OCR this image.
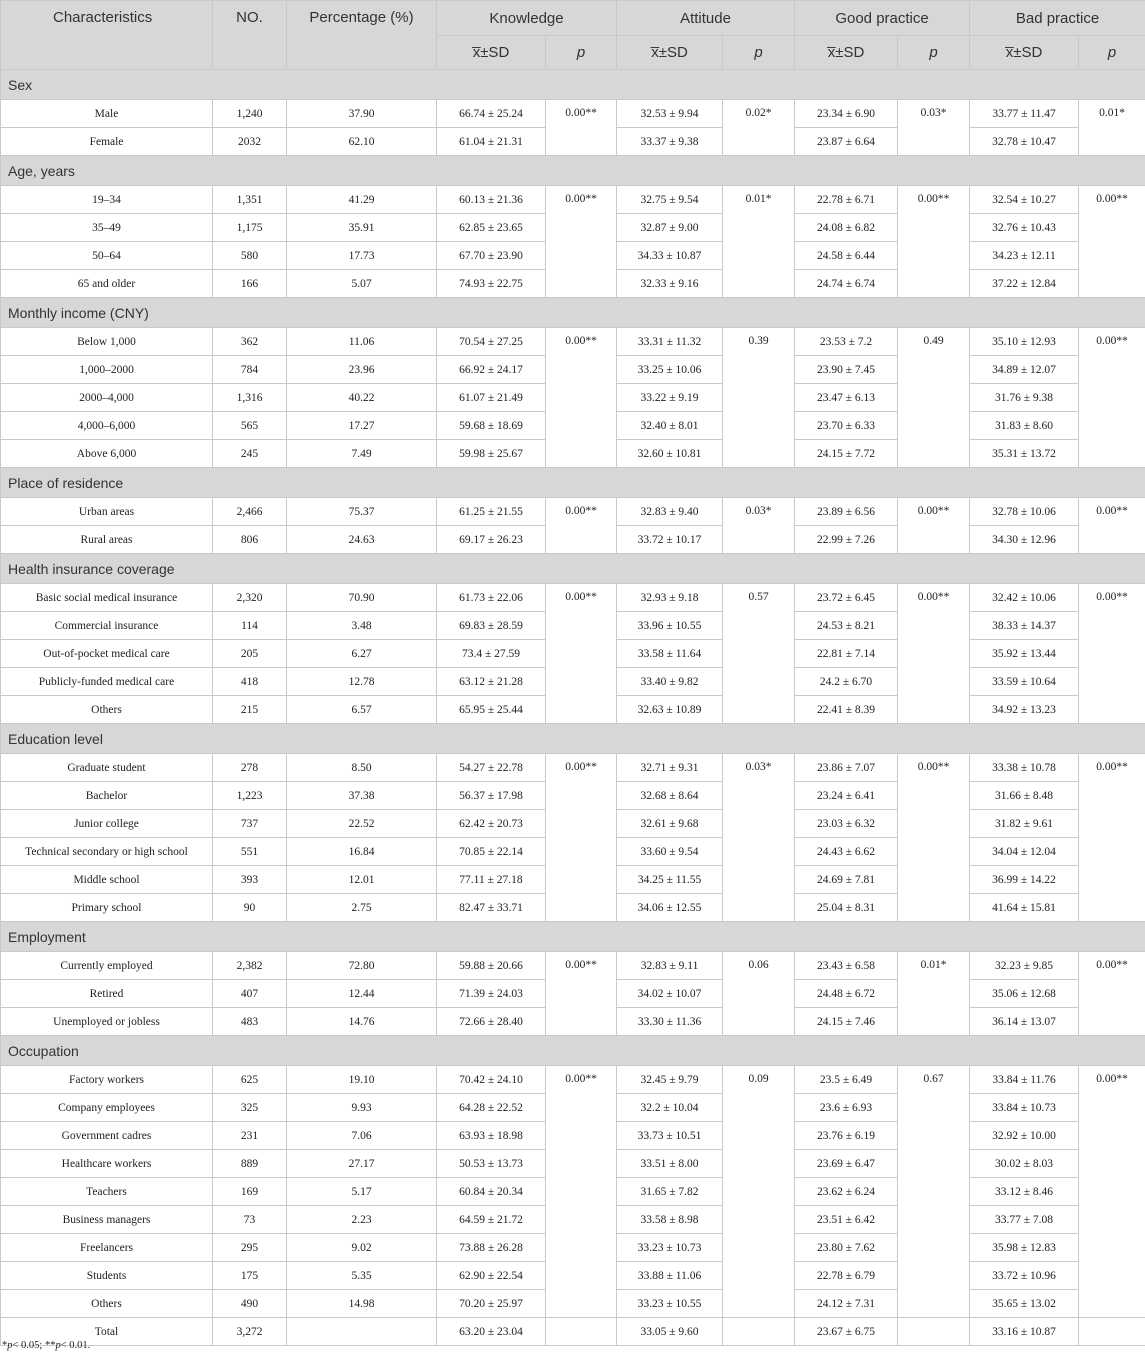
Characteristics	NO.	Percentage (%)	Knowledge		Attitude		Good practice		Bad practice	
			x̅±SD	p	x̅±SD	p	x̅±SD	p	x̅±SD	p
Sex										
Male	1,240	37.90	66.74 ± 25.24	0.00**	32.53 ± 9.94	0.02*	23.34 ± 6.90	0.03*	33.77 ± 11.47	0.01*
Female	2032	62.10	61.04 ± 21.31		33.37 ± 9.38		23.87 ± 6.64		32.78 ± 10.47	
Age, years										
19–34	1,351	41.29	60.13 ± 21.36	0.00**	32.75 ± 9.54	0.01*	22.78 ± 6.71	0.00**	32.54 ± 10.27	0.00**
35–49	1,175	35.91	62.85 ± 23.65		32.87 ± 9.00		24.08 ± 6.82		32.76 ± 10.43	
50–64	580	17.73	67.70 ± 23.90		34.33 ± 10.87		24.58 ± 6.44		34.23 ± 12.11	
65 and older	166	5.07	74.93 ± 22.75		32.33 ± 9.16		24.74 ± 6.74		37.22 ± 12.84	
Monthly income (CNY)										
Below 1,000	362	11.06	70.54 ± 27.25	0.00**	33.31 ± 11.32	0.39	23.53 ± 7.2	0.49	35.10 ± 12.93	0.00**
1,000–2000	784	23.96	66.92 ± 24.17		33.25 ± 10.06		23.90 ± 7.45		34.89 ± 12.07	
2000–4,000	1,316	40.22	61.07 ± 21.49		33.22 ± 9.19		23.47 ± 6.13		31.76 ± 9.38	
4,000–6,000	565	17.27	59.68 ± 18.69		32.40 ± 8.01		23.70 ± 6.33		31.83 ± 8.60	
Above 6,000	245	7.49	59.98 ± 25.67		32.60 ± 10.81		24.15 ± 7.72		35.31 ± 13.72	
Place of residence										
Urban areas	2,466	75.37	61.25 ± 21.55	0.00**	32.83 ± 9.40	0.03*	23.89 ± 6.56	0.00**	32.78 ± 10.06	0.00**
Rural areas	806	24.63	69.17 ± 26.23		33.72 ± 10.17		22.99 ± 7.26		34.30 ± 12.96	
Health insurance coverage										
Basic social medical insurance	2,320	70.90	61.73 ± 22.06	0.00**	32.93 ± 9.18	0.57	23.72 ± 6.45	0.00**	32.42 ± 10.06	0.00**
Commercial insurance	114	3.48	69.83 ± 28.59		33.96 ± 10.55		24.53 ± 8.21		38.33 ± 14.37	
Out-of-pocket medical care	205	6.27	73.4 ± 27.59		33.58 ± 11.64		22.81 ± 7.14		35.92 ± 13.44	
Publicly-funded medical care	418	12.78	63.12 ± 21.28		33.40 ± 9.82		24.2 ± 6.70		33.59 ± 10.64	
Others	215	6.57	65.95 ± 25.44		32.63 ± 10.89		22.41 ± 8.39		34.92 ± 13.23	
Education level										
Graduate student	278	8.50	54.27 ± 22.78	0.00**	32.71 ± 9.31	0.03*	23.86 ± 7.07	0.00**	33.38 ± 10.78	0.00**
Bachelor	1,223	37.38	56.37 ± 17.98		32.68 ± 8.64		23.24 ± 6.41		31.66 ± 8.48	
Junior college	737	22.52	62.42 ± 20.73		32.61 ± 9.68		23.03 ± 6.32		31.82 ± 9.61	
Technical secondary or high school	551	16.84	70.85 ± 22.14		33.60 ± 9.54		24.43 ± 6.62		34.04 ± 12.04	
Middle school	393	12.01	77.11 ± 27.18		34.25 ± 11.55		24.69 ± 7.81		36.99 ± 14.22	
Primary school	90	2.75	82.47 ± 33.71		34.06 ± 12.55		25.04 ± 8.31		41.64 ± 15.81	
Employment										
Currently employed	2,382	72.80	59.88 ± 20.66	0.00**	32.83 ± 9.11	0.06	23.43 ± 6.58	0.01*	32.23 ± 9.85	0.00**
Retired	407	12.44	71.39 ± 24.03		34.02 ± 10.07		24.48 ± 6.72		35.06 ± 12.68	
Unemployed or jobless	483	14.76	72.66 ± 28.40		33.30 ± 11.36		24.15 ± 7.46		36.14 ± 13.07	
Occupation										
Factory workers	625	19.10	70.42 ± 24.10	0.00**	32.45 ± 9.79	0.09	23.5 ± 6.49	0.67	33.84 ± 11.76	0.00**
Company employees	325	9.93	64.28 ± 22.52		32.2 ± 10.04		23.6 ± 6.93		33.84 ± 10.73	
Government cadres	231	7.06	63.93 ± 18.98		33.73 ± 10.51		23.76 ± 6.19		32.92 ± 10.00	
Healthcare workers	889	27.17	50.53 ± 13.73		33.51 ± 8.00		23.69 ± 6.47		30.02 ± 8.03	
Teachers	169	5.17	60.84 ± 20.34		31.65 ± 7.82		23.62 ± 6.24		33.12 ± 8.46	
Business managers	73	2.23	64.59 ± 21.72		33.58 ± 8.98		23.51 ± 6.42		33.77 ± 7.08	
Freelancers	295	9.02	73.88 ± 26.28		33.23 ± 10.73		23.80 ± 7.62		35.98 ± 12.83	
Students	175	5.35	62.90 ± 22.54		33.88 ± 11.06		22.78 ± 6.79		33.72 ± 10.96	
Others	490	14.98	70.20 ± 25.97		33.23 ± 10.55		24.12 ± 7.31		35.65 ± 13.02	
Total	3,272		63.20 ± 23.04		33.05 ± 9.60		23.67 ± 6.75		33.16 ± 10.87	
*p< 0.05; **p< 0.01.
